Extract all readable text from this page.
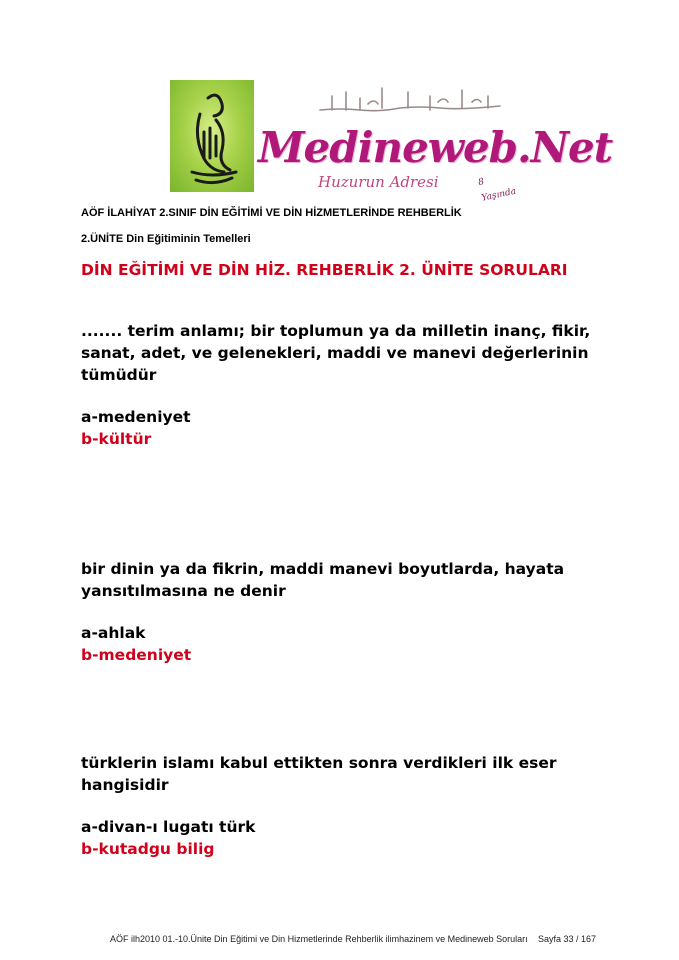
Medineweb.Net
Huzurun Adresi	8 Yaşında
AÖF İLAHİYAT 2.SINIF DİN EĞİTİMİ VE DİN HİZMETLERİNDE REHBERLİK
2.ÜNİTE Din Eğitiminin Temelleri
DİN EĞİTİMİ VE DİN HİZ. REHBERLİK 2. ÜNİTE SORULARI

....... terim anlamı; bir toplumun ya da milletin inanç, fikir, sanat, adet, ve gelenekleri, maddi ve manevi değerlerinin tümüdür

a-medeniyet

b-kültür

bir dinin ya da fikrin, maddi manevi boyutlarda, hayata yansıtılmasına ne denir

a-ahlak

b-medeniyet

türklerin islamı kabul ettikten sonra verdikleri ilk eser hangisidir

a-divan-ı lugatı türk

b-kutadgu bilig

AÖF ilh2010 01.-10.Ünite Din Eğitimi ve Din Hizmetlerinde Rehberlik ilimhazinem ve Medineweb Soruları Sayfa 33 / 167
